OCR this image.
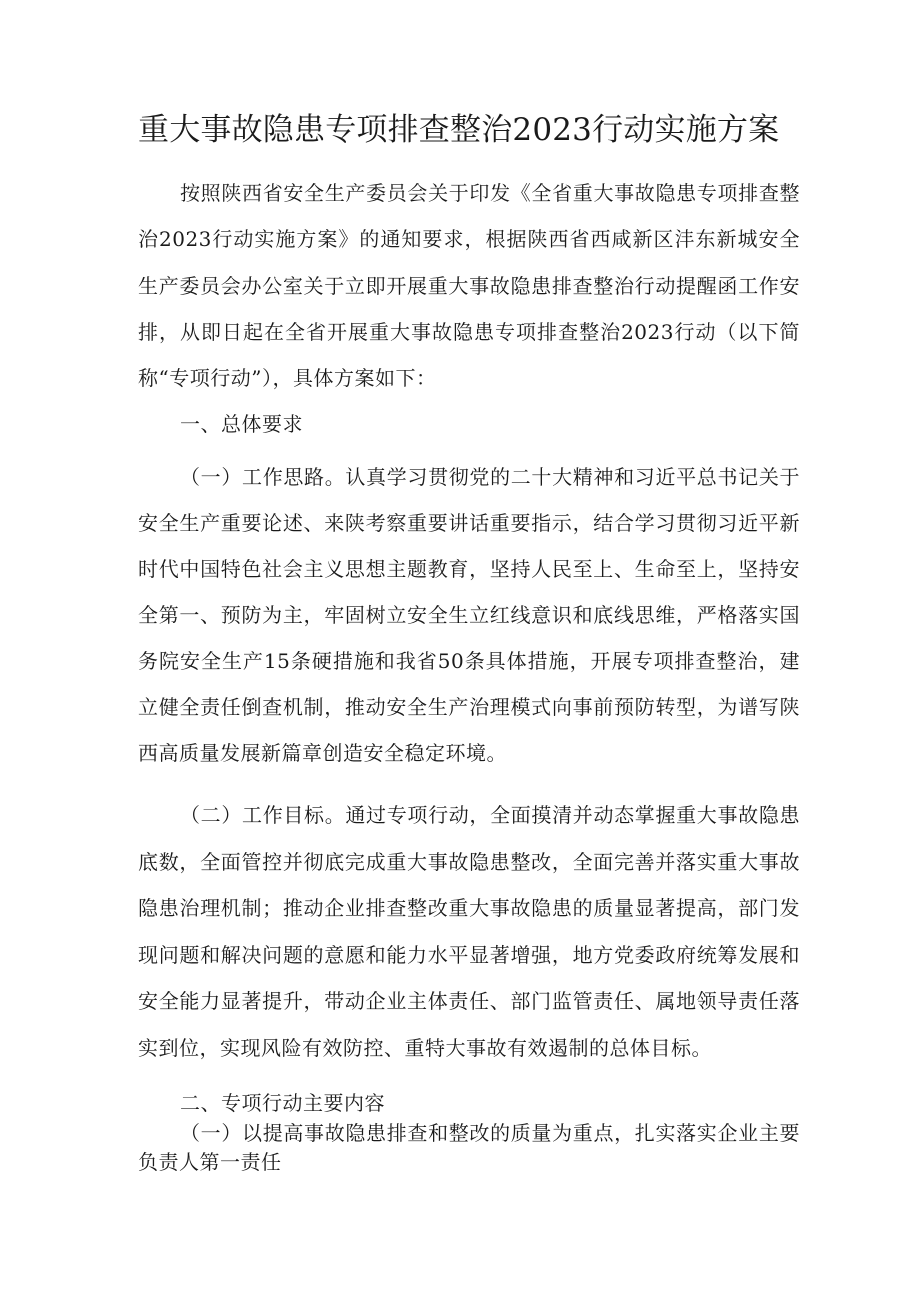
重大事故隐患专项排查整治2023行动实施方案
按照陕西省安全生产委员会关于印发《全省重大事故隐患专项排查整治2023行动实施方案》的通知要求，根据陕西省西咸新区沣东新城安全生产委员会办公室关于立即开展重大事故隐患排查整治行动提醒函工作安排，从即日起在全省开展重大事故隐患专项排查整治2023行动（以下简称“专项行动”），具体方案如下：
一、总体要求
（一）工作思路。认真学习贯彻党的二十大精神和习近平总书记关于安全生产重要论述、来陕考察重要讲话重要指示，结合学习贯彻习近平新时代中国特色社会主义思想主题教育，坚持人民至上、生命至上，坚持安全第一、预防为主，牢固树立安全生立红线意识和底线思维，严格落实国务院安全生产15条硬措施和我省50条具体措施，开展专项排查整治，建立健全责任倒查机制，推动安全生产治理模式向事前预防转型，为谱写陕西高质量发展新篇章创造安全稳定环境。
（二）工作目标。通过专项行动，全面摸清并动态掌握重大事故隐患底数，全面管控并彻底完成重大事故隐患整改，全面完善并落实重大事故隐患治理机制；推动企业排查整改重大事故隐患的质量显著提高，部门发现问题和解决问题的意愿和能力水平显著增强，地方党委政府统筹发展和安全能力显著提升，带动企业主体责任、部门监管责任、属地领导责任落实到位，实现风险有效防控、重特大事故有效遏制的总体目标。
二、专项行动主要内容
（一）以提高事故隐患排查和整改的质量为重点，扎实落实企业主要负责人第一责任
